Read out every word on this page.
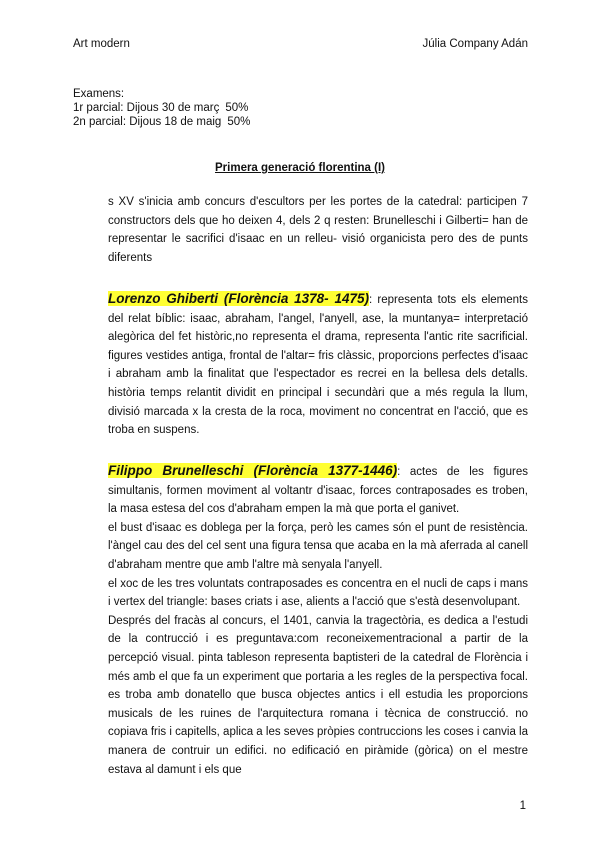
Art modern	Júlia Company Adán
Examens:
1r parcial: Dijous 30 de març 50%
2n parcial: Dijous 18 de maig 50%
Primera generació florentina (I)

s XV s'inicia amb concurs d'escultors per les portes de la catedral: participen 7 constructors dels que ho deixen 4, dels 2 q resten: Brunelleschi i Gilberti= han de representar le sacrifici d'isaac en un relleu- visió organicista pero des de punts diferents

Lorenzo Ghiberti (Florència 1378- 1475): representa tots els elements del relat bíblic: isaac, abraham, l'angel, l'anyell, ase, la muntanya= interpretació alegòrica del fet històric,no representa el drama, representa l'antic rite sacrificial. figures vestides antiga, frontal de l'altar= fris clàssic, proporcions perfectes d'isaac i abraham amb la finalitat que l'espectador es recrei en la bellesa dels detalls. història temps relantit dividit en principal i secundàri que a més regula la llum, divisió marcada x la cresta de la roca, moviment no concentrat en l'acció, que es troba en suspens.

Filippo Brunelleschi (Florència 1377-1446): actes de les figures simultanis, formen moviment al voltantr d'isaac, forces contraposades es troben, la masa estesa del cos d'abraham empen la mà que porta el ganivet.

el bust d'isaac es doblega per la força, però les cames són el punt de resistència. l'àngel cau des del cel sent una figura tensa que acaba en la mà aferrada al canell d'abraham mentre que amb l'altre mà senyala l'anyell.

el xoc de les tres voluntats contraposades es concentra en el nucli de caps i mans i vertex del triangle: bases criats i ase, alients a l'acció que s'està desenvolupant.

Després del fracàs al concurs, el 1401, canvia la tragectòria, es dedica a l'estudi de la contrucció i es preguntava:com reconeixementracional a partir de la percepció visual. pinta tableson representa baptisteri de la catedral de Florència i més amb el que fa un experiment que portaria a les regles de la perspectiva focal. es troba amb donatello que busca objectes antics i ell estudia les proporcions musicals de les ruines de l'arquitectura romana i tècnica de construcció. no copiava fris i capitells, aplica a les seves pròpies contruccions les coses i canvia la manera de contruir un edifici. no edificació en piràmide (gòrica) on el mestre estava al damunt i els que

1
